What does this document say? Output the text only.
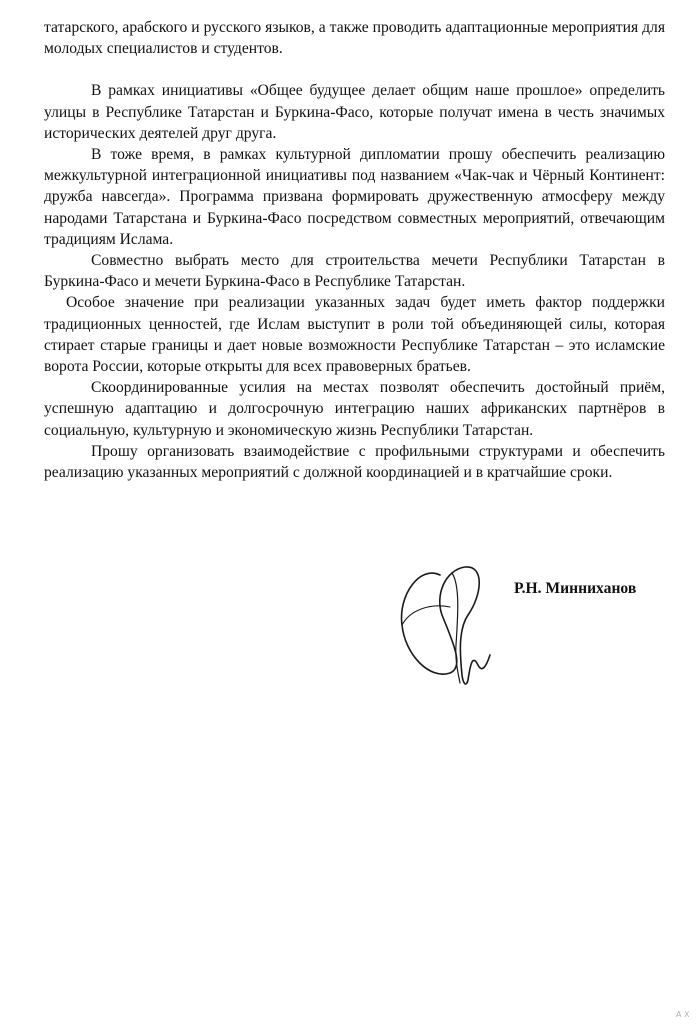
татарского, арабского и русского языков, а также проводить адаптационные мероприятия для молодых специалистов и студентов.

В рамках инициативы «Общее будущее делает общим наше прошлое» определить улицы в Республике Татарстан и Буркина-Фасо, которые получат имена в честь значимых исторических деятелей друг друга.

В тоже время, в рамках культурной дипломатии прошу обеспечить реализацию межкультурной интеграционной инициативы под названием «Чак-чак и Чёрный Континент: дружба навсегда». Программа призвана формировать дружественную атмосферу между народами Татарстана и Буркина-Фасо посредством совместных мероприятий, отвечающим традициям Ислама.

Совместно выбрать место для строительства мечети Республики Татарстан в Буркина-Фасо и мечети Буркина-Фасо в Республике Татарстан.

Особое значение при реализации указанных задач будет иметь фактор поддержки традиционных ценностей, где Ислам выступит в роли той объединяющей силы, которая стирает старые границы и дает новые возможности Республике Татарстан – это исламские ворота России, которые открыты для всех правоверных братьев.

Скоординированные усилия на местах позволят обеспечить достойный приём, успешную адаптацию и долгосрочную интеграцию наших африканских партнёров в социальную, культурную и экономическую жизнь Республики Татарстан.

Прошу организовать взаимодействие с профильными структурами и обеспечить реализацию указанных мероприятий с должной координацией и в кратчайшие сроки.

Р.Н. Минниханов
А Х
